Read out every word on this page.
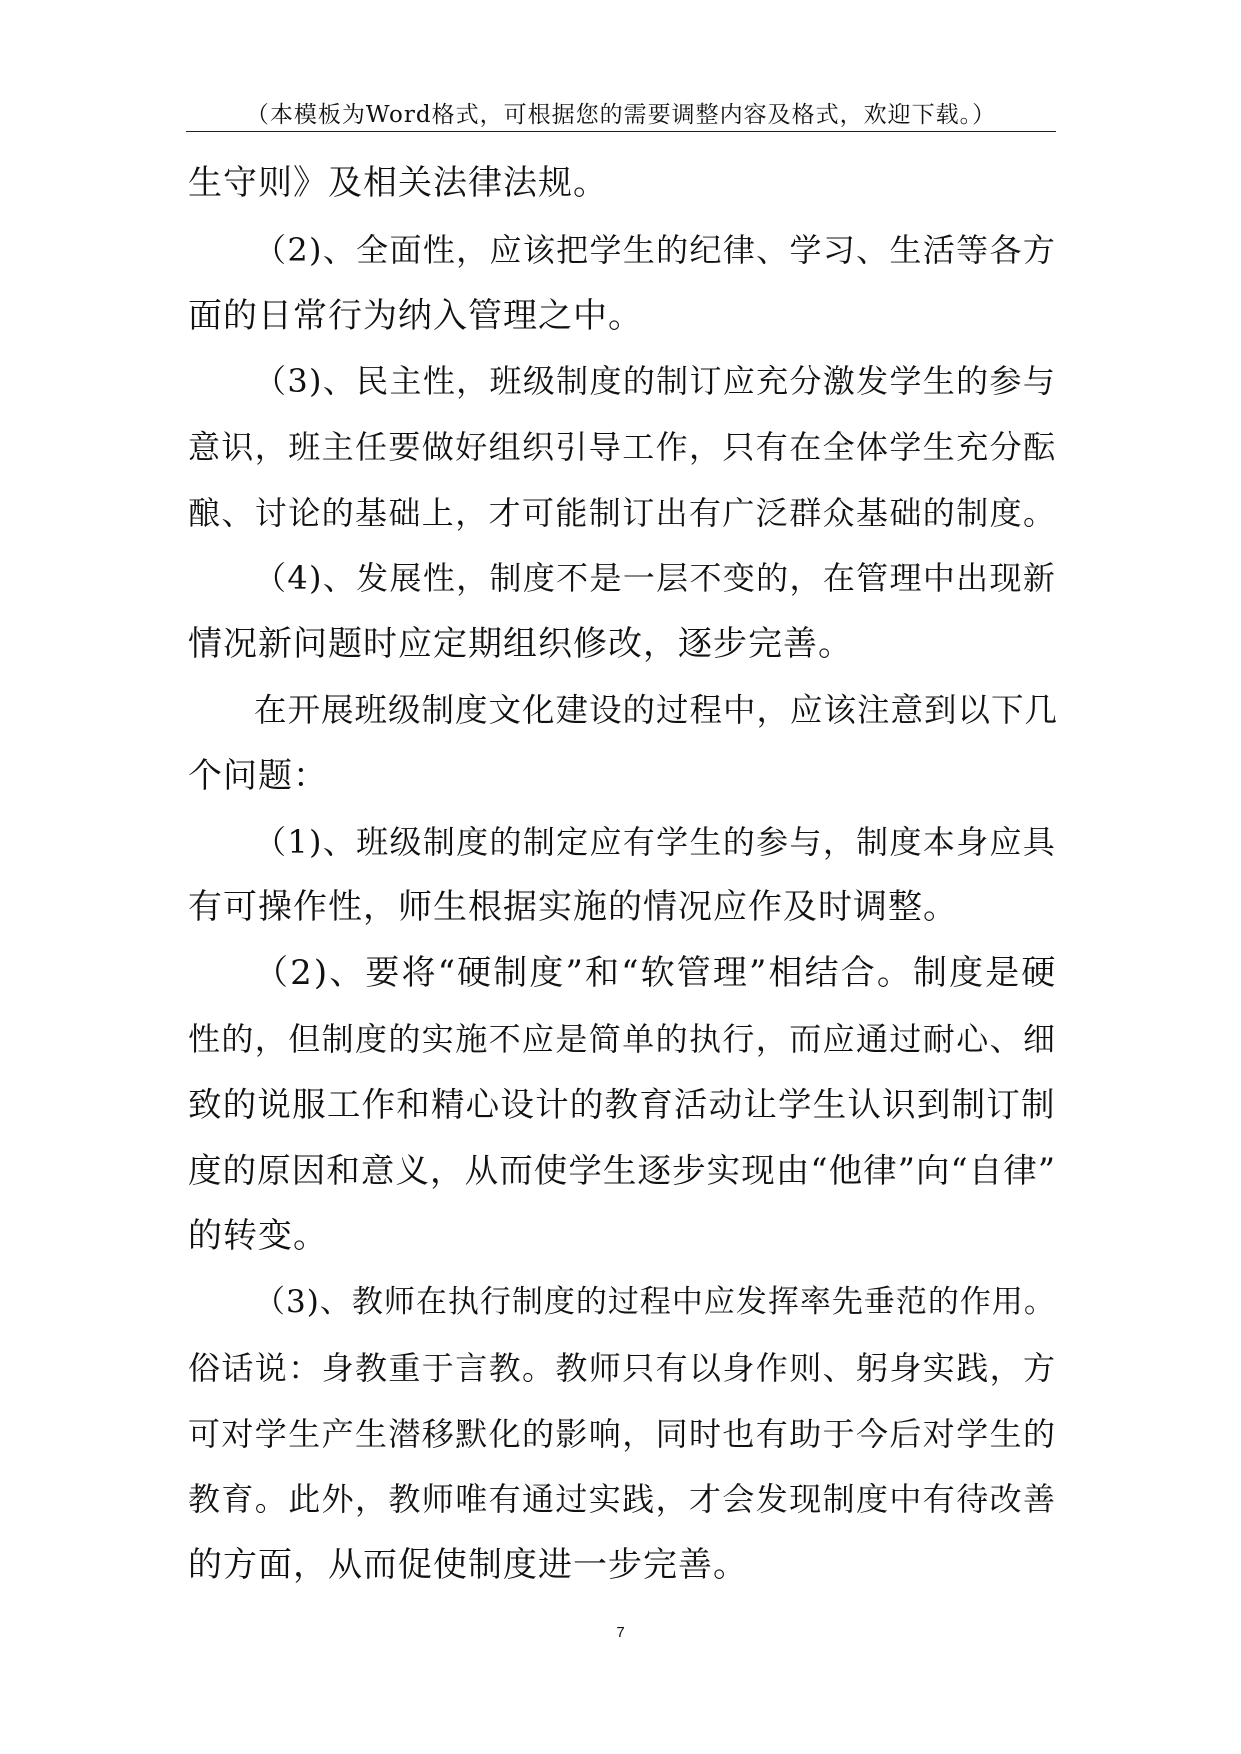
（本模板为Word格式，可根据您的需要调整内容及格式，欢迎下载。）
生守则》及相关法律法规。
（2)、全面性，应该把学生的纪律、学习、生活等各方
面的日常行为纳入管理之中。
（3)、民主性，班级制度的制订应充分激发学生的参与
意识，班主任要做好组织引导工作，只有在全体学生充分酝
酿、讨论的基础上，才可能制订出有广泛群众基础的制度。
（4)、发展性，制度不是一层不变的，在管理中出现新
情况新问题时应定期组织修改，逐步完善。
在开展班级制度文化建设的过程中，应该注意到以下几
个问题：
（1)、班级制度的制定应有学生的参与，制度本身应具
有可操作性，师生根据实施的情况应作及时调整。
（2)、要将“硬制度”和“软管理”相结合。制度是硬
性的，但制度的实施不应是简单的执行，而应通过耐心、细
致的说服工作和精心设计的教育活动让学生认识到制订制
度的原因和意义，从而使学生逐步实现由“他律”向“自律”
的转变。
（3)、教师在执行制度的过程中应发挥率先垂范的作用。
俗话说：身教重于言教。教师只有以身作则、躬身实践，方
可对学生产生潜移默化的影响，同时也有助于今后对学生的
教育。此外，教师唯有通过实践，才会发现制度中有待改善
的方面，从而促使制度进一步完善。
7
